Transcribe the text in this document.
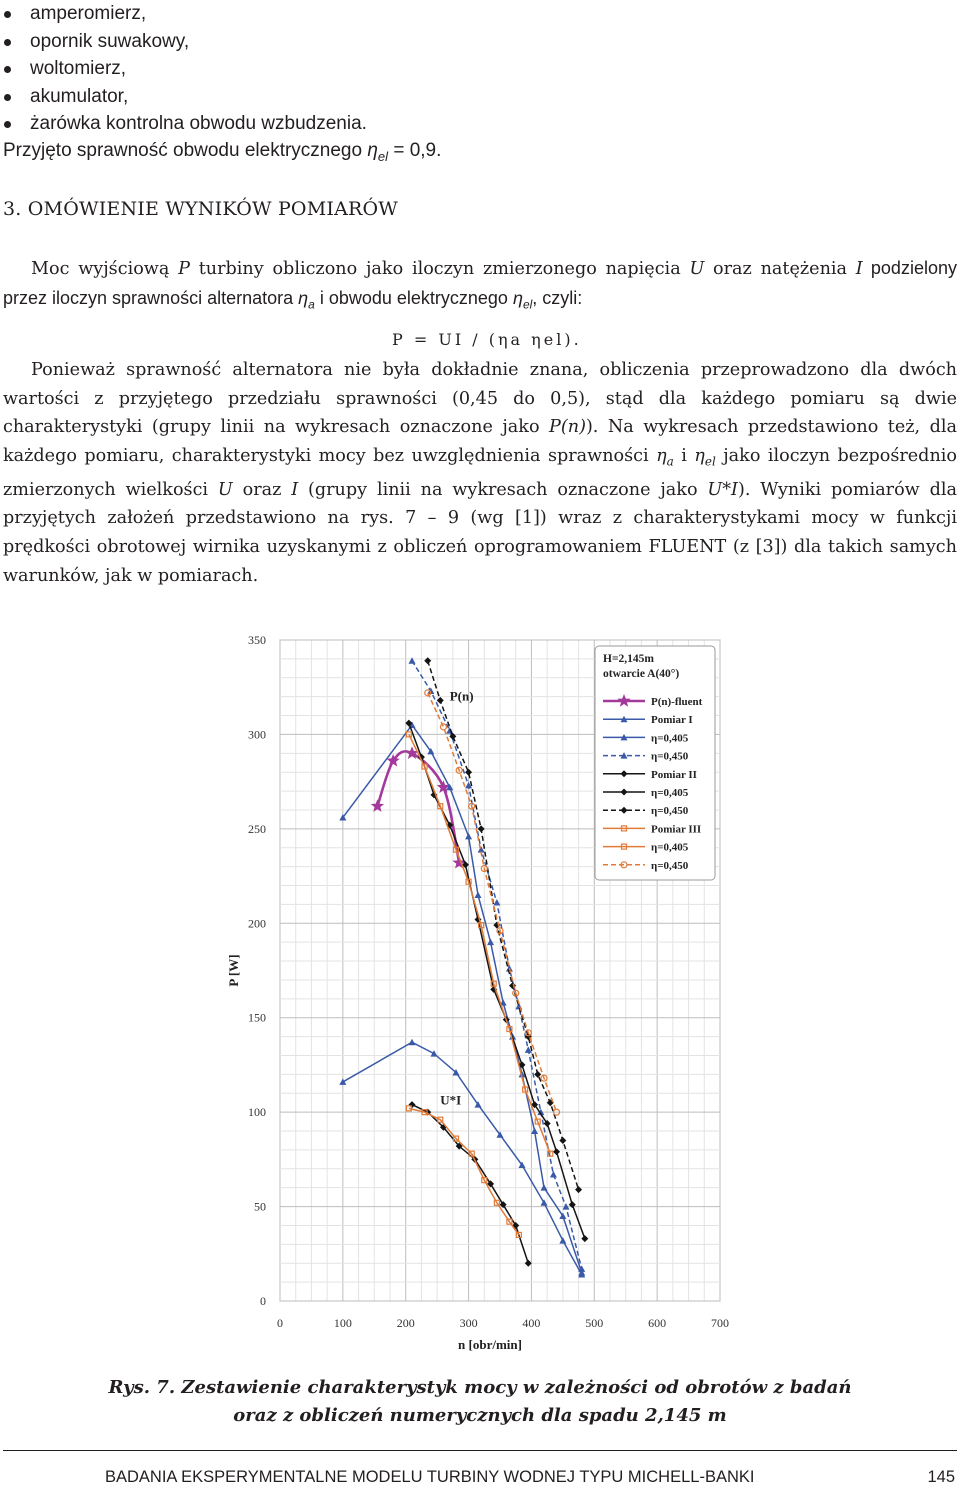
amperomierz,
opornik suwakowy,
woltomierz,
akumulator,
żarówka kontrolna obwodu wzbudzenia.
Przyjęto sprawność obwodu elektrycznego $\eta_{el} = 0,9$.
3. OMÓWIENIE WYNIKÓW POMIARÓW

Moc wyjściową P turbiny obliczono jako iloczyn zmierzonego napięcia U oraz natężenia I podzielony przez iloczyn sprawności alternatora $\eta_a$ i obwodu elektrycznego $\eta_{el}$, czyli:

P = UI / (ηa ηel).

Ponieważ sprawność alternatora nie była dokładnie znana, obliczenia przeprowadzono dla dwóch wartości z przyjętego przedziału sprawności (0,45 do 0,5), stąd dla każdego pomiaru są dwie charakterystyki (grupy linii na wykresach oznaczone jako P(n)). Na wykresach przedstawiono też, dla każdego pomiaru, charakterystyki mocy bez uwzględnienia sprawności $\eta_a$ i $\eta_{el}$ jako iloczyn bezpośrednio zmierzonych wielkości U oraz I (grupy linii na wykresach oznaczone jako U*I). Wyniki pomiarów dla przyjętych założeń przedstawiono na rys. 7 – 9 (wg [1]) wraz z charakterystykami mocy w funkcji prędkości obrotowej wirnika uzyskanymi z obliczeń oprogramowaniem FLUENT (z [3]) dla takich samych warunków, jak w pomiarach.

0	100	200	300	400	500	600	700
0
50
100
150
200
250
300
350
n [obr/min]
P [W]
P(n)
U*I
H=2,145m
otwarcie A(40°)
P(n)-fluent
Pomiar I
η=0,405
η=0,450
Pomiar II
η=0,405
η=0,450
Pomiar III
η=0,405
η=0,450
Rys. 7. Zestawienie charakterystyk mocy w zależności od obrotów z badań
oraz z obliczeń numerycznych dla spadu 2,145 m
BADANIA EKSPERYMENTALNE MODELU TURBINY WODNEJ TYPU MICHELL-BANKI	145
